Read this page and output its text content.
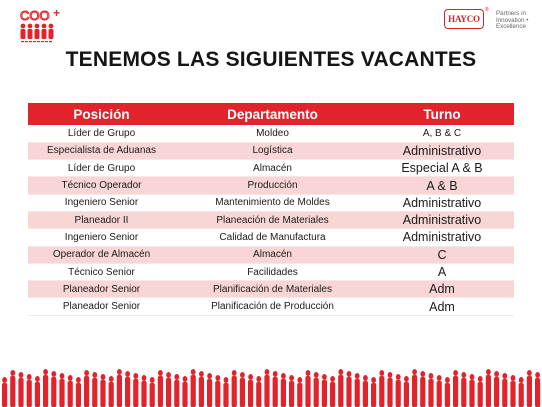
COO +	HAYCO
® Partners in
Innovation •
Excellence
TENEMOS LAS SIGUIENTES VACANTES
Posición	Departamento	Turno
Líder de Grupo	Moldeo	A, B & C
Especialista de Aduanas	Logística	Administrativo
Líder de Grupo	Almacén	Especial A & B
Técnico Operador	Producción	A & B
Ingeniero Senior	Mantenimiento de Moldes	Administrativo
Planeador II	Planeación de Materiales	Administrativo
Ingeniero Senior	Calidad de Manufactura	Administrativo
Operador de Almacén	Almacén	C
Técnico Senior	Facilidades	A
Planeador Senior	Planificación de Materiales	Adm
Planeador Senior	Planificación de Producción	Adm
